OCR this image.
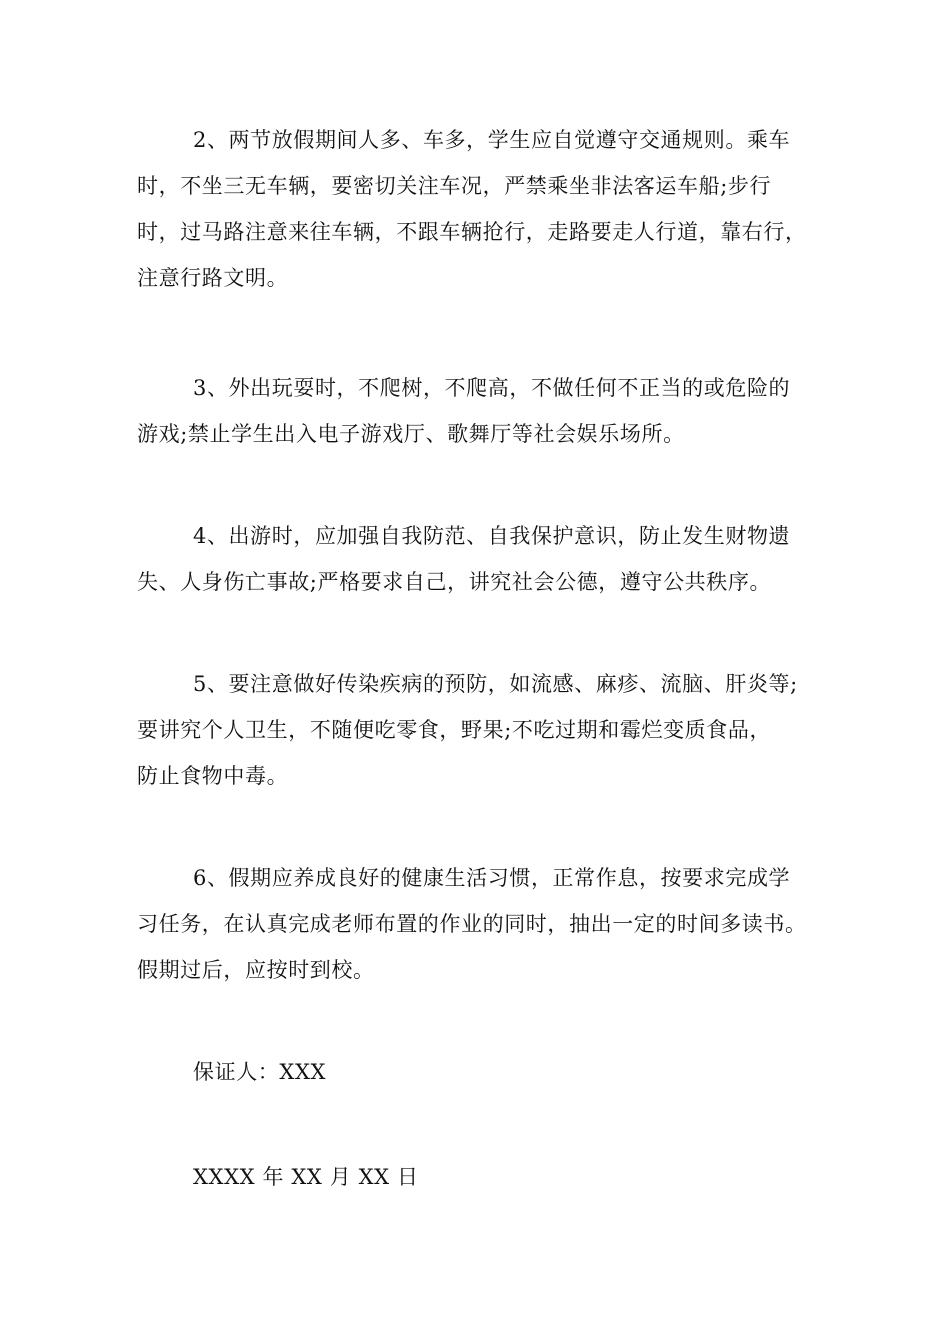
2、两节放假期间人多、车多，学生应自觉遵守交通规则。乘车
时，不坐三无车辆，要密切关注车况，严禁乘坐非法客运车船;步行
时，过马路注意来往车辆，不跟车辆抢行，走路要走人行道，靠右行，
注意行路文明。
3、外出玩耍时，不爬树，不爬高，不做任何不正当的或危险的
游戏;禁止学生出入电子游戏厅、歌舞厅等社会娱乐场所。
4、出游时，应加强自我防范、自我保护意识，防止发生财物遗
失、人身伤亡事故;严格要求自己，讲究社会公德，遵守公共秩序。
5、要注意做好传染疾病的预防，如流感、麻疹、流脑、肝炎等;
要讲究个人卫生，不随便吃零食，野果;不吃过期和霉烂变质食品，
防止食物中毒。
6、假期应养成良好的健康生活习惯，正常作息，按要求完成学
习任务，在认真完成老师布置的作业的同时，抽出一定的时间多读书。
假期过后，应按时到校。
保证人：XXX
XXXX 年 XX 月 XX 日
